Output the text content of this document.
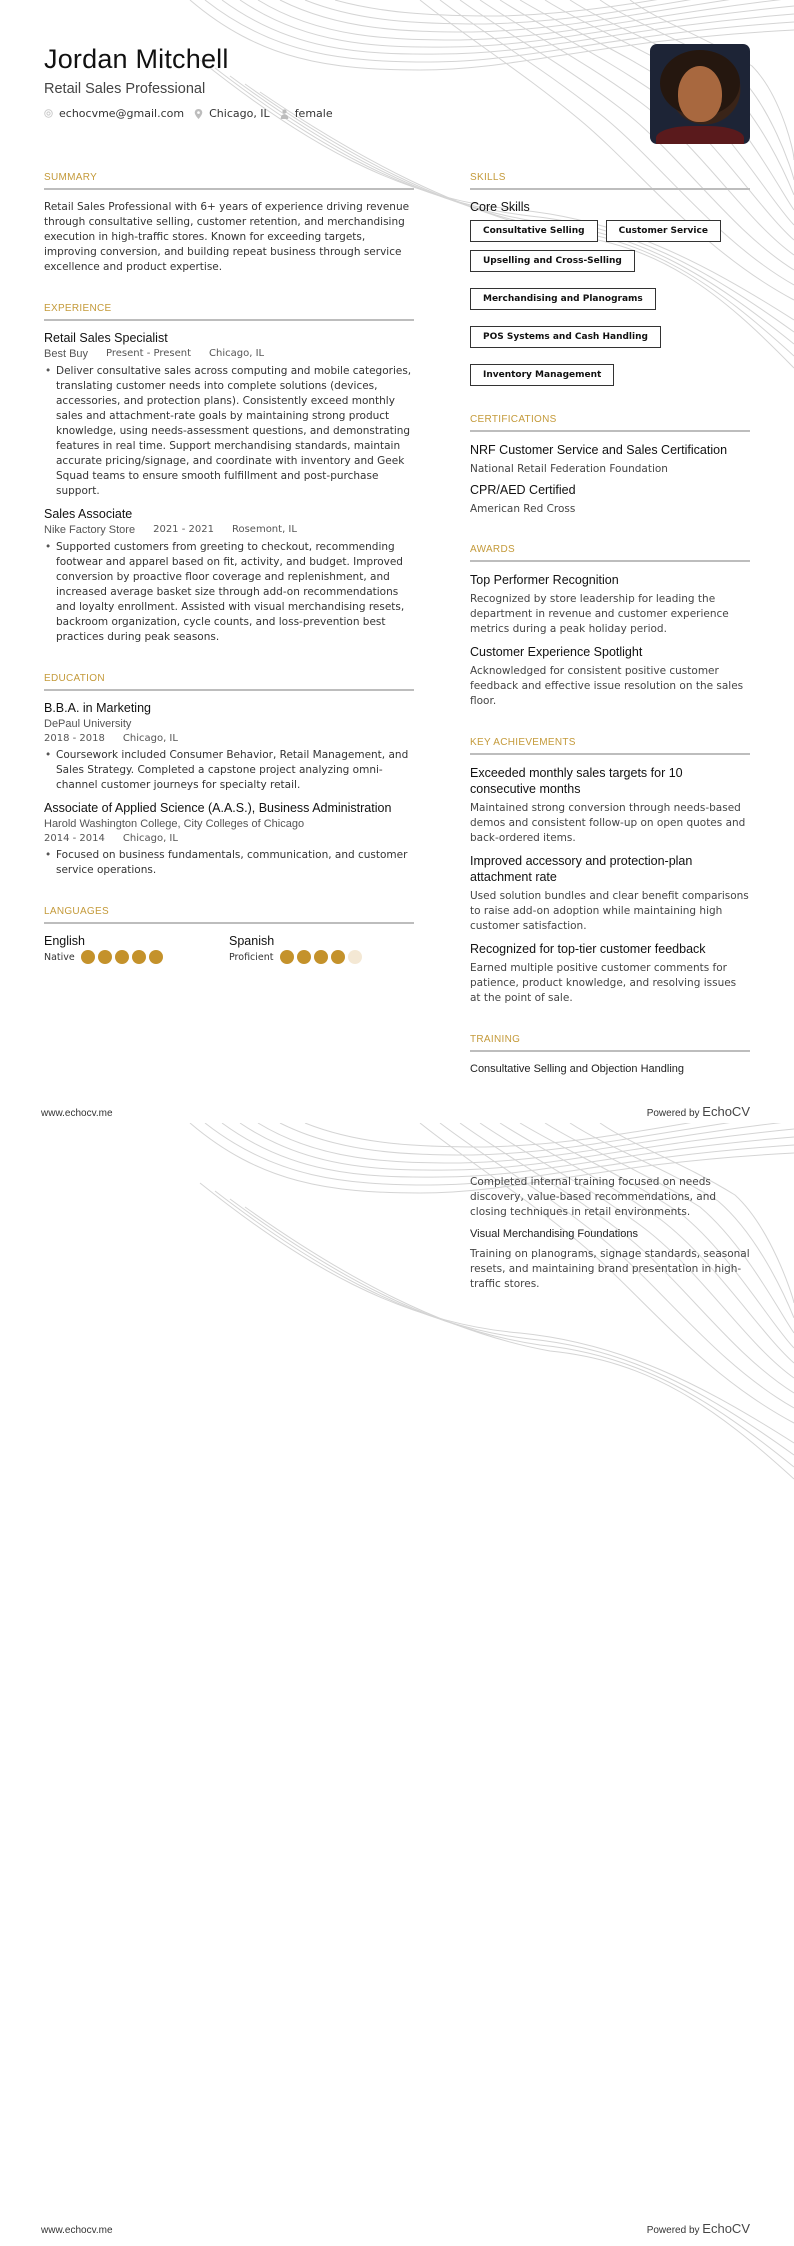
Jordan Mitchell
Retail Sales Professional
echocvme@gmail.com Chicago, IL female
SUMMARY
Retail Sales Professional with 6+ years of experience driving revenue through consultative selling, customer retention, and merchandising execution in high-traffic stores. Known for exceeding targets, improving conversion, and building repeat business through service excellence and product expertise.
EXPERIENCE
Retail Sales Specialist
Best Buy Present - Present Chicago, IL
• Deliver consultative sales across computing and mobile categories, translating customer needs into complete solutions (devices, accessories, and protection plans). Consistently exceed monthly sales and attachment-rate goals by maintaining strong product knowledge, using needs-assessment questions, and demonstrating features in real time. Support merchandising standards, maintain accurate pricing/signage, and coordinate with inventory and Geek Squad teams to ensure smooth fulfillment and post-purchase support.
Sales Associate
Nike Factory Store 2021 - 2021 Rosemont, IL
• Supported customers from greeting to checkout, recommending footwear and apparel based on fit, activity, and budget. Improved conversion by proactive floor coverage and replenishment, and increased average basket size through add-on recommendations and loyalty enrollment. Assisted with visual merchandising resets, backroom organization, cycle counts, and loss-prevention best practices during peak seasons.
EDUCATION
B.B.A. in Marketing
DePaul University
2018 - 2018 Chicago, IL
• Coursework included Consumer Behavior, Retail Management, and Sales Strategy. Completed a capstone project analyzing omni-channel customer journeys for specialty retail.
Associate of Applied Science (A.A.S.), Business Administration
Harold Washington College, City Colleges of Chicago
2014 - 2014 Chicago, IL
• Focused on business fundamentals, communication, and customer service operations.
LANGUAGES
English
Native
Spanish
Proficient
SKILLS
Core Skills
Consultative Selling	Customer Service
Upselling and Cross-Selling
Merchandising and Planograms
POS Systems and Cash Handling
Inventory Management
CERTIFICATIONS
NRF Customer Service and Sales Certification
National Retail Federation Foundation
CPR/AED Certified
American Red Cross
AWARDS
Top Performer Recognition
Recognized by store leadership for leading the department in revenue and customer experience metrics during a peak holiday period.
Customer Experience Spotlight
Acknowledged for consistent positive customer feedback and effective issue resolution on the sales floor.
KEY ACHIEVEMENTS
Exceeded monthly sales targets for 10 consecutive months
Maintained strong conversion through needs-based demos and consistent follow-up on open quotes and back-ordered items.
Improved accessory and protection-plan attachment rate
Used solution bundles and clear benefit comparisons to raise add-on adoption while maintaining high customer satisfaction.
Recognized for top-tier customer feedback
Earned multiple positive customer comments for patience, product knowledge, and resolving issues at the point of sale.
TRAINING
Consultative Selling and Objection Handling
www.echocv.me	Powered by EchoCV
Completed internal training focused on needs discovery, value-based recommendations, and closing techniques in retail environments.
Visual Merchandising Foundations
Training on planograms, signage standards, seasonal resets, and maintaining brand presentation in high-traffic stores.
www.echocv.me	Powered by EchoCV
